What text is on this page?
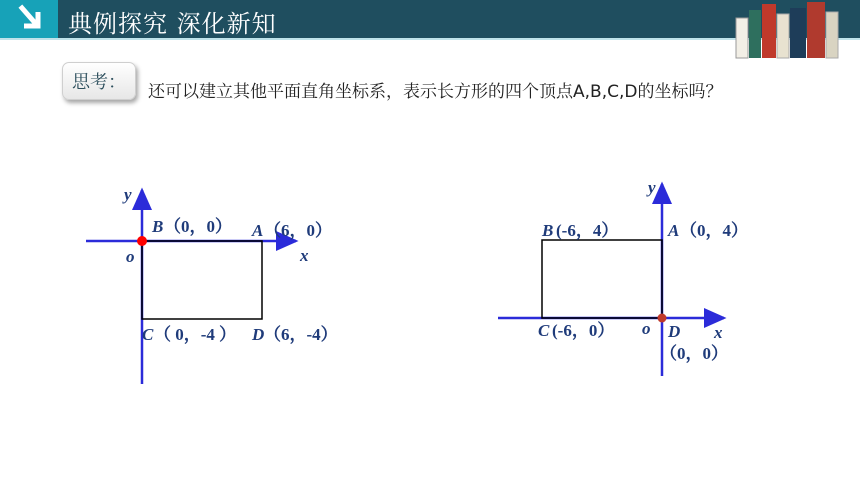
典例探究 深化新知
思考：	还可以建立其他平面直角坐标系，表示长方形的四个顶点A,B,C,D的坐标吗？
y
x
o
B （0，0） A （6，0）
C （ 0，-4 ） D （6，-4）
y
x
o
B (-6，4）	A （0，4）
C (-6，0）	D
（0，0）
